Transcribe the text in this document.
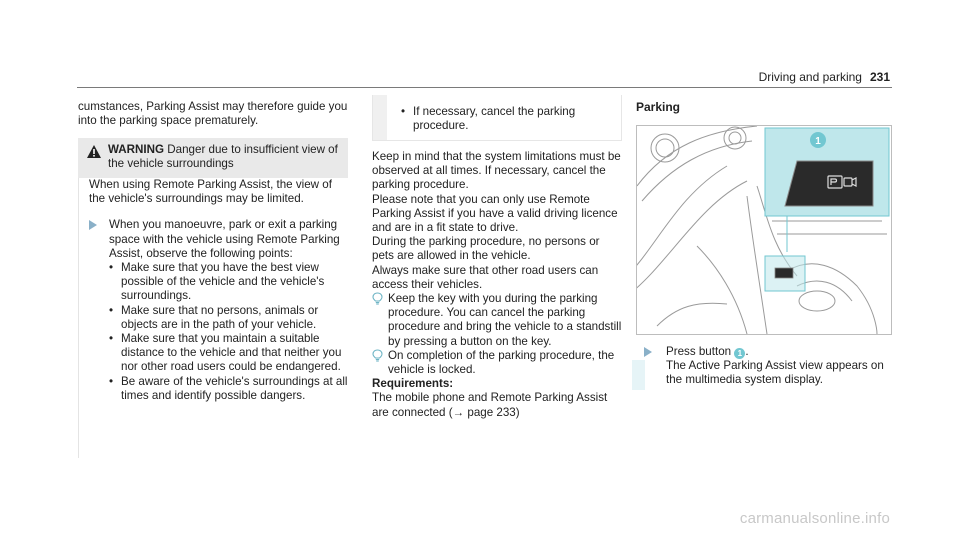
Driving and parking 231

cumstances, Parking Assist may therefore guide you into the parking space prematurely.

WARNING Danger due to insufficient view of the vehicle surroundings

When using Remote Parking Assist, the view of the vehicle's surroundings may be limited.

When you manoeuvre, park or exit a parking space with the vehicle using Remote Parking Assist, observe the following points:

• Make sure that you have the best view possible of the vehicle and the vehicle's surroundings.
• Make sure that no persons, animals or objects are in the path of your vehicle.
• Make sure that you maintain a suitable distance to the vehicle and that neither you nor other road users could be endangered.
• Be aware of the vehicle's surroundings at all times and identify possible dangers.
• If necessary, cancel the parking procedure.

Keep in mind that the system limitations must be observed at all times. If necessary, cancel the parking procedure.

Please note that you can only use Remote Parking Assist if you have a valid driving licence and are in a fit state to drive.

During the parking procedure, no persons or pets are allowed in the vehicle.

Always make sure that other road users can access their vehicles.

Keep the key with you during the parking procedure. You can cancel the parking procedure and bring the vehicle to a standstill by pressing a button on the key.

On completion of the parking procedure, the vehicle is locked.

Requirements:

The mobile phone and Remote Parking Assist are connected (→ page 233)

Parking

1

Press button 1 .

The Active Parking Assist view appears on the multimedia system display.

carmanualsonline.info
